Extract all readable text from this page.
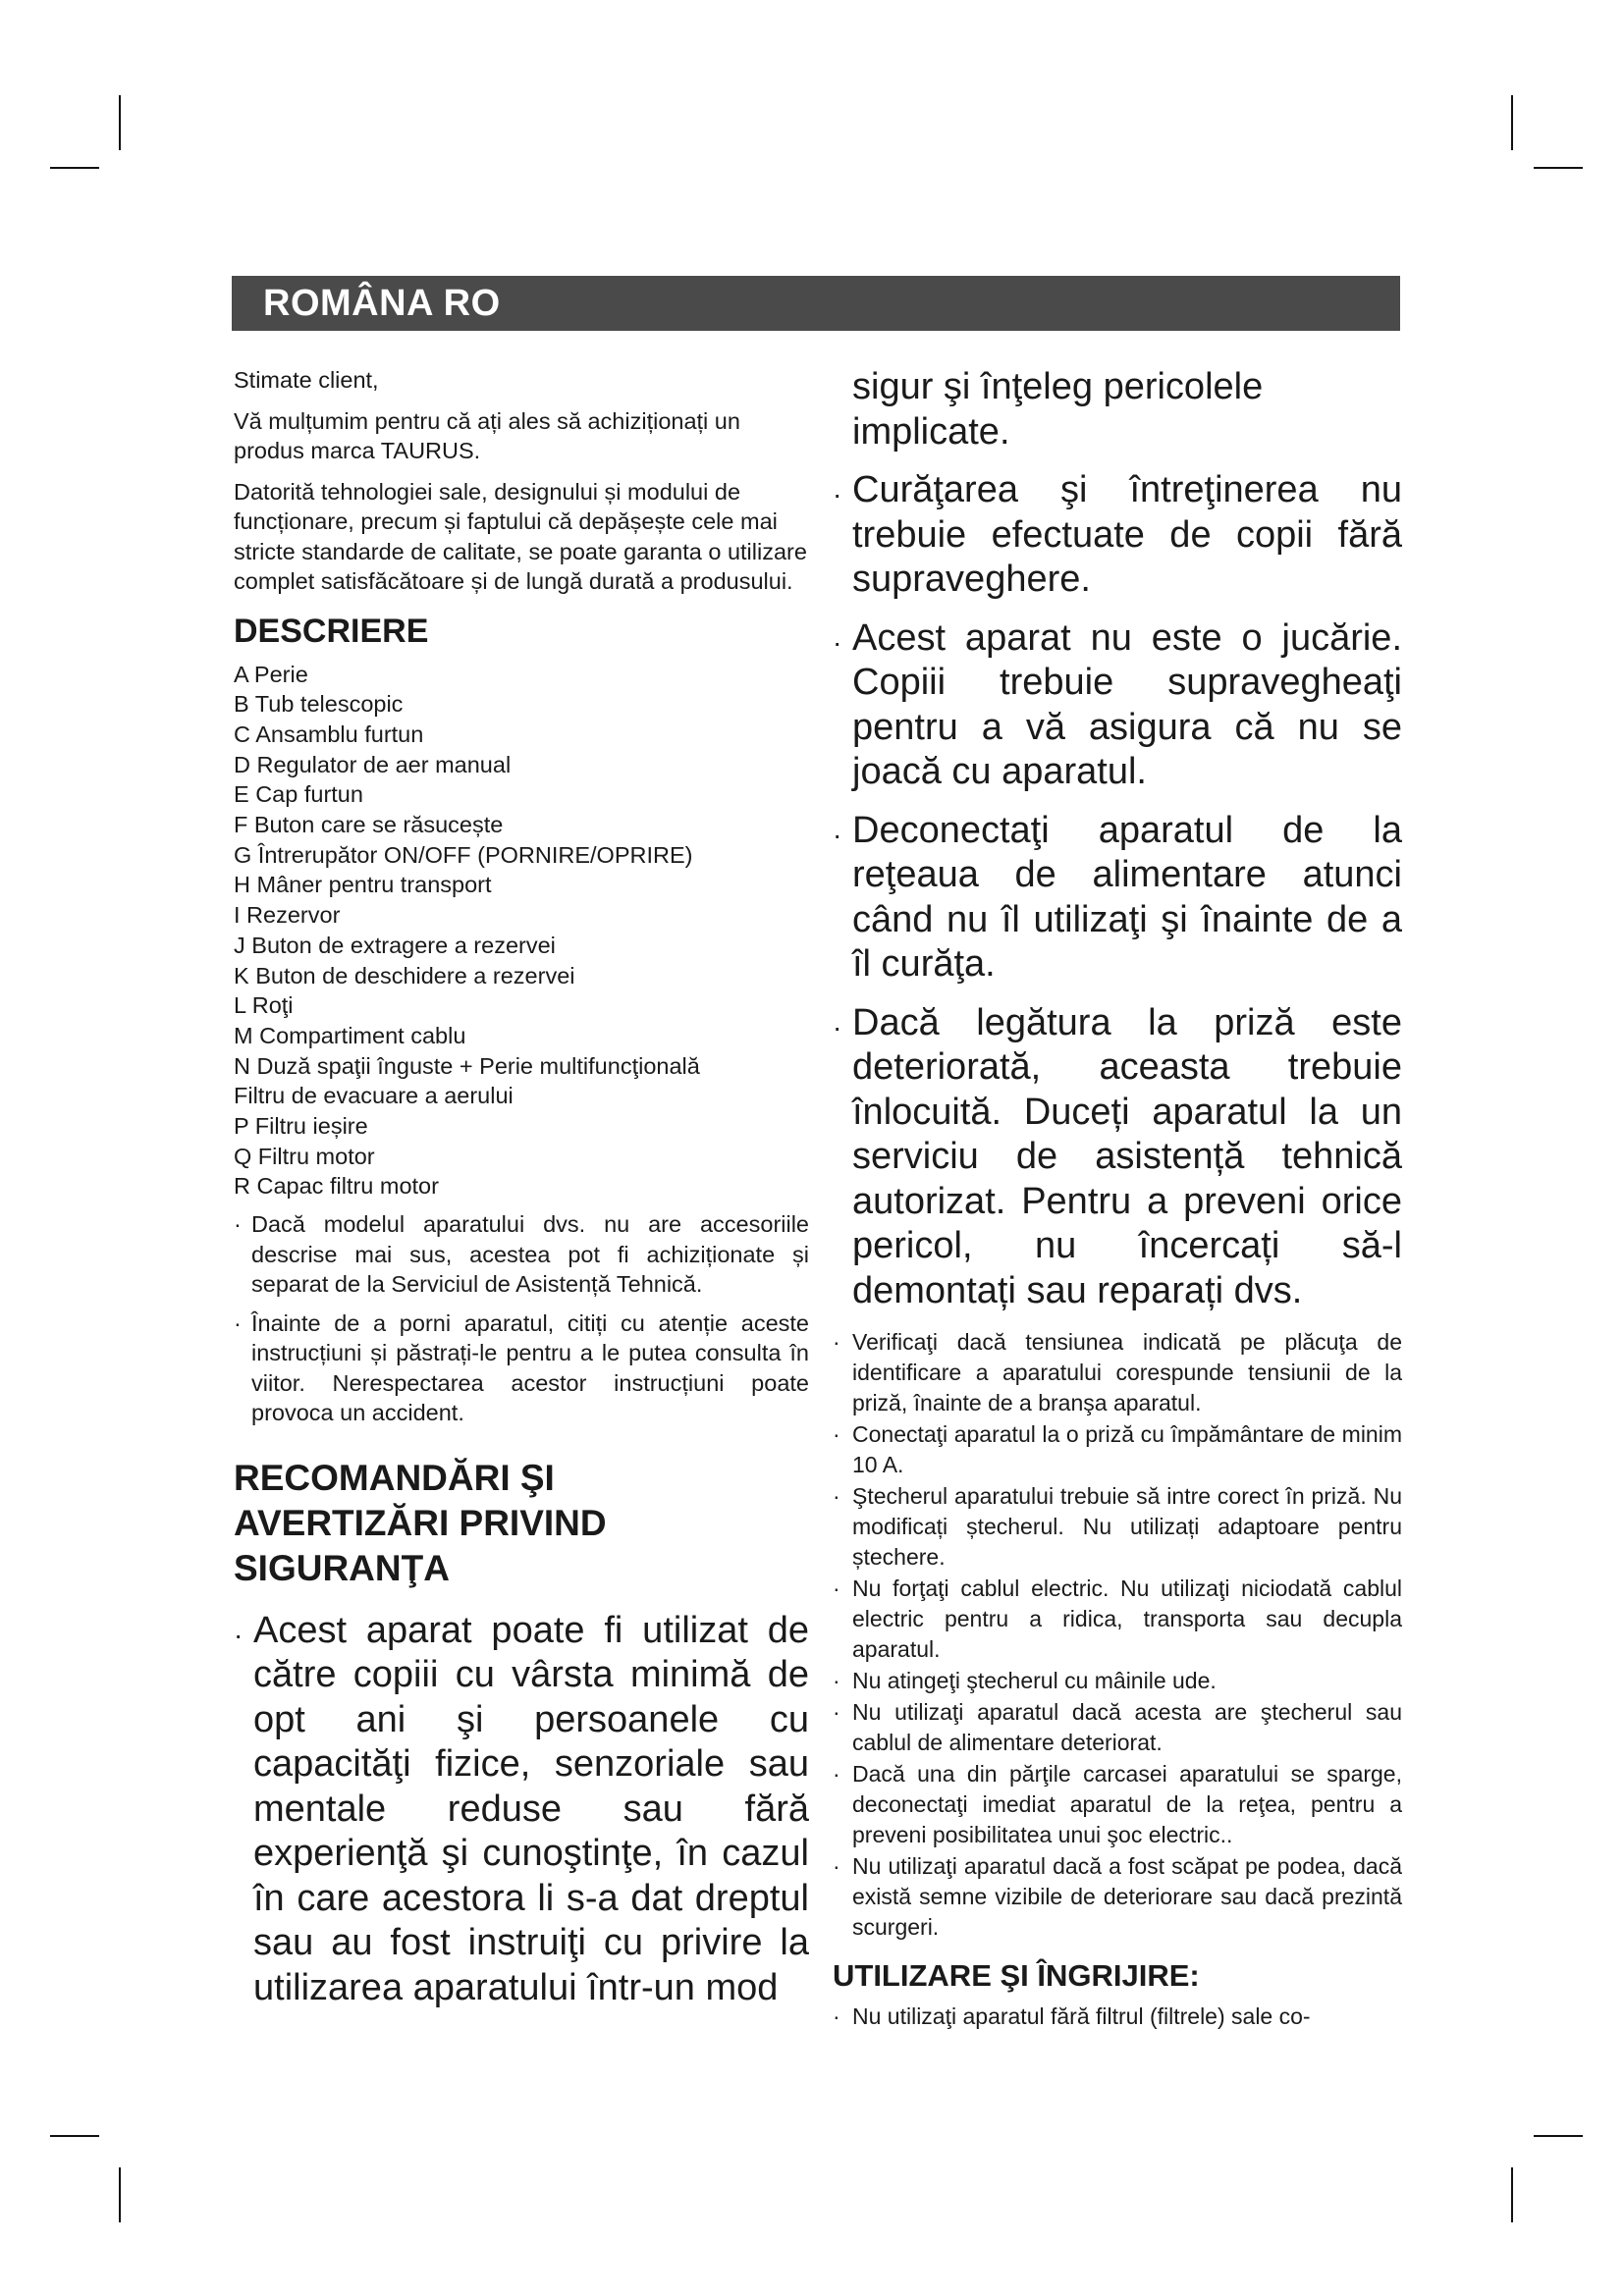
ROMÂNA RO

Stimate client,

Vă mulțumim pentru că ați ales să achiziționați un produs marca TAURUS.

Datorită tehnologiei sale, designului și modului de funcționare, precum și faptului că depășește cele mai stricte standarde de calitate, se poate garanta o utilizare complet satisfăcătoare și de lungă durată a produsului.

DESCRIERE
A Perie
B Tub telescopic
C Ansamblu furtun
D Regulator de aer manual
E Cap furtun
F Buton care se răsucește
G Întrerupător ON/OFF (PORNIRE/OPRIRE)
H Mâner pentru transport
I Rezervor
J Buton de extragere a rezervei
K Buton de deschidere a rezervei
L Roţi
M Compartiment cablu
N Duză spaţii înguste + Perie multifuncţională
Filtru de evacuare a aerului
P Filtru ieșire
Q Filtru motor
R Capac filtru motor

· Dacă modelul aparatului dvs. nu are accesoriile descrise mai sus, acestea pot fi achiziționate și separat de la Serviciul de Asistență Tehnică.

· Înainte de a porni aparatul, citiți cu atenție aceste instrucțiuni și păstrați-le pentru a le putea consulta în viitor. Nerespectarea acestor instrucțiuni poate provoca un accident.

RECOMANDĂRI ŞI
AVERTIZĂRI PRIVIND
SIGURANŢA

· Acest aparat poate fi utilizat de către copiii cu vârsta minimă de opt ani şi persoanele cu capacităţi fizice, senzoriale sau mentale reduse sau fără experienţă şi cunoştinţe, în cazul în care acestora li s-a dat dreptul sau au fost instruiţi cu privire la utilizarea aparatului într-un mod

sigur şi înţeleg pericolele implicate.

· Curăţarea şi întreţinerea nu trebuie efectuate de copii fără supraveghere.

· Acest aparat nu este o jucărie. Copiii trebuie supravegheaţi pentru a vă asigura că nu se joacă cu aparatul.

· Deconectaţi aparatul de la reţeaua de alimentare atunci când nu îl utilizaţi şi înainte de a îl curăţa.

· Dacă legătura la priză este deteriorată, aceasta trebuie înlocuită. Duceți aparatul la un serviciu de asistență tehnică autorizat. Pentru a preveni orice pericol, nu încercați să-l demontați sau reparați dvs.

· Verificaţi dacă tensiunea indicată pe plăcuţa de identificare a aparatului corespunde tensiunii de la priză, înainte de a branşa aparatul.

· Conectaţi aparatul la o priză cu împământare de minim 10 A.

· Ştecherul aparatului trebuie să intre corect în priză. Nu modificați ștecherul. Nu utilizați adaptoare pentru ștechere.

· Nu forţaţi cablul electric. Nu utilizaţi niciodată cablul electric pentru a ridica, transporta sau decupla aparatul.

· Nu atingeţi ştecherul cu mâinile ude.

· Nu utilizaţi aparatul dacă acesta are ştecherul sau cablul de alimentare deteriorat.

· Dacă una din părţile carcasei aparatului se sparge, deconectaţi imediat aparatul de la reţea, pentru a preveni posibilitatea unui şoc electric..

· Nu utilizaţi aparatul dacă a fost scăpat pe podea, dacă există semne vizibile de deteriorare sau dacă prezintă scurgeri.

UTILIZARE ŞI ÎNGRIJIRE:

· Nu utilizaţi aparatul fără filtrul (filtrele) sale co-
